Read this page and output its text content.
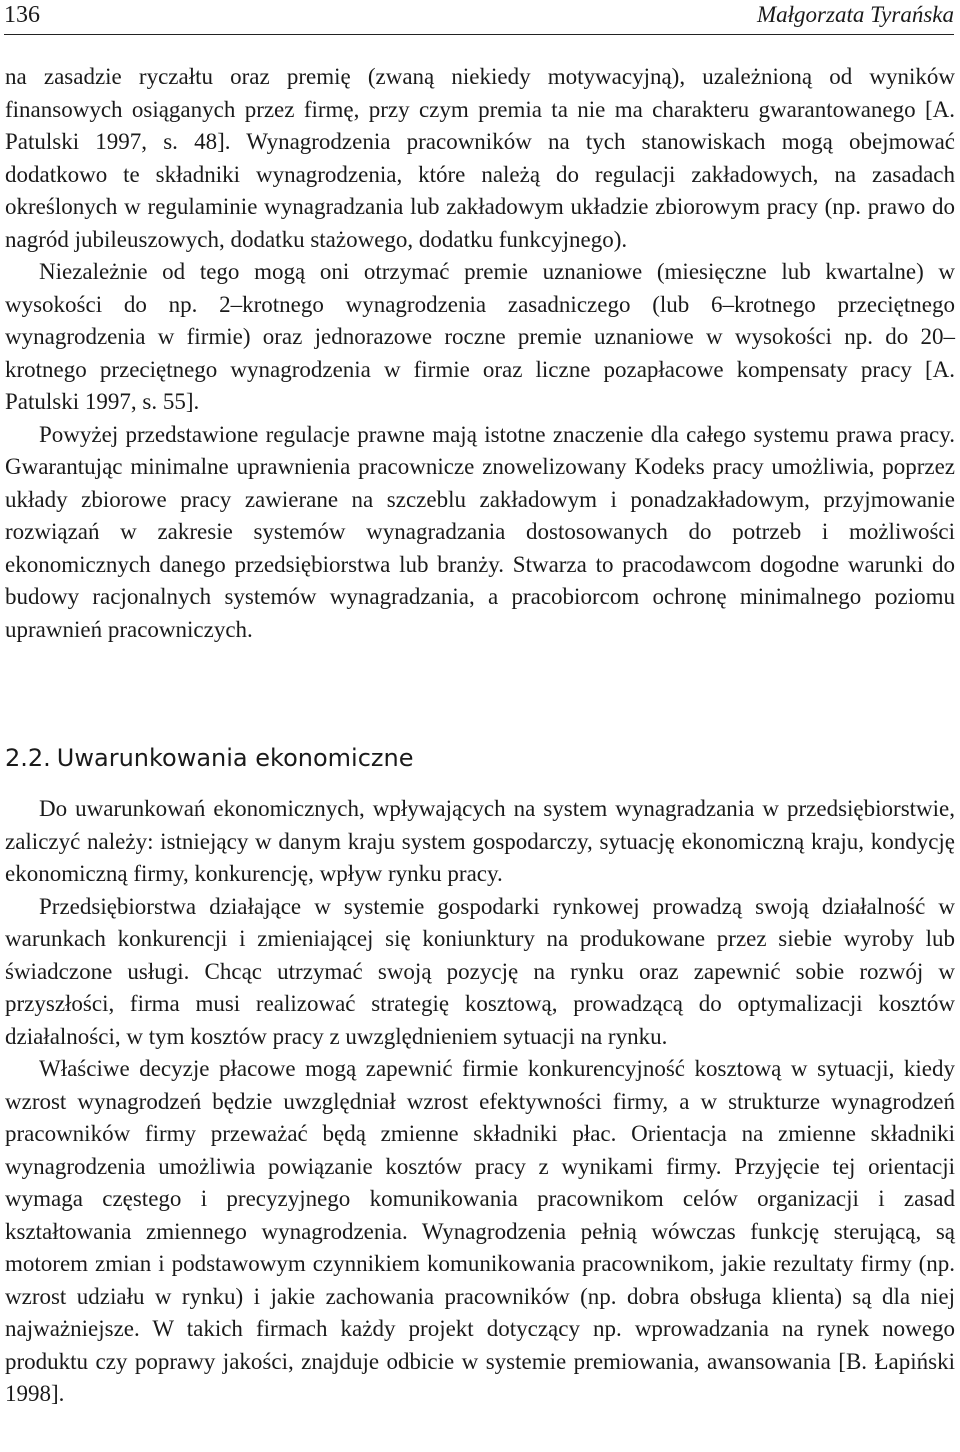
136	Małgorzata Tyrańska

na zasadzie ryczałtu oraz premię (zwaną niekiedy motywacyjną), uzależnioną od wyników finansowych osiąganych przez firmę, przy czym premia ta nie ma charakteru gwarantowanego [A. Patulski 1997, s. 48]. Wynagrodzenia pracowników na tych stanowiskach mogą obejmować dodatkowo te składniki wynagrodzenia, które należą do regulacji zakładowych, na zasadach określonych w regulaminie wynagradzania lub zakładowym układzie zbiorowym pracy (np. prawo do nagród jubileuszowych, dodatku stażowego, dodatku funkcyjnego).

Niezależnie od tego mogą oni otrzymać premie uznaniowe (miesięczne lub kwartalne) w wysokości do np. 2–krotnego wynagrodzenia zasadniczego (lub 6–krotnego przeciętnego wynagrodzenia w firmie) oraz jednorazowe roczne premie uznaniowe w wysokości np. do 20–krotnego przeciętnego wynagrodzenia w firmie oraz liczne pozapłacowe kompensaty pracy [A. Patulski 1997, s. 55].

Powyżej przedstawione regulacje prawne mają istotne znaczenie dla całego systemu prawa pracy. Gwarantując minimalne uprawnienia pracownicze znowelizowany Kodeks pracy umożliwia, poprzez układy zbiorowe pracy zawierane na szczeblu zakładowym i ponadzakładowym, przyjmowanie rozwiązań w zakresie systemów wynagradzania dostosowanych do potrzeb i możliwości ekonomicznych danego przedsiębiorstwa lub branży. Stwarza to pracodawcom dogodne warunki do budowy racjonalnych systemów wynagradzania, a pracobiorcom ochronę minimalnego poziomu uprawnień pracowniczych.

2.2. Uwarunkowania ekonomiczne

Do uwarunkowań ekonomicznych, wpływających na system wynagradzania w przedsiębiorstwie, zaliczyć należy: istniejący w danym kraju system gospodarczy, sytuację ekonomiczną kraju, kondycję ekonomiczną firmy, konkurencję, wpływ rynku pracy.

Przedsiębiorstwa działające w systemie gospodarki rynkowej prowadzą swoją działalność w warunkach konkurencji i zmieniającej się koniunktury na produkowane przez siebie wyroby lub świadczone usługi. Chcąc utrzymać swoją pozycję na rynku oraz zapewnić sobie rozwój w przyszłości, firma musi realizować strategię kosztową, prowadzącą do optymalizacji kosztów działalności, w tym kosztów pracy z uwzględnieniem sytuacji na rynku.

Właściwe decyzje płacowe mogą zapewnić firmie konkurencyjność kosztową w sytuacji, kiedy wzrost wynagrodzeń będzie uwzględniał wzrost efektywności firmy, a w strukturze wynagrodzeń pracowników firmy przeważać będą zmienne składniki płac. Orientacja na zmienne składniki wynagrodzenia umożliwia powiązanie kosztów pracy z wynikami firmy. Przyjęcie tej orientacji wymaga częstego i precyzyjnego komunikowania pracownikom celów organizacji i zasad kształtowania zmiennego wynagrodzenia. Wynagrodzenia pełnią wówczas funkcję sterującą, są motorem zmian i podstawowym czynnikiem komunikowania pracownikom, jakie rezultaty firmy (np. wzrost udziału w rynku) i jakie zachowania pracowników (np. dobra obsługa klienta) są dla niej najważniejsze. W takich firmach każdy projekt dotyczący np. wprowadzania na rynek nowego produktu czy poprawy jakości, znajduje odbicie w systemie premiowania, awansowania [B. Łapiński 1998].
